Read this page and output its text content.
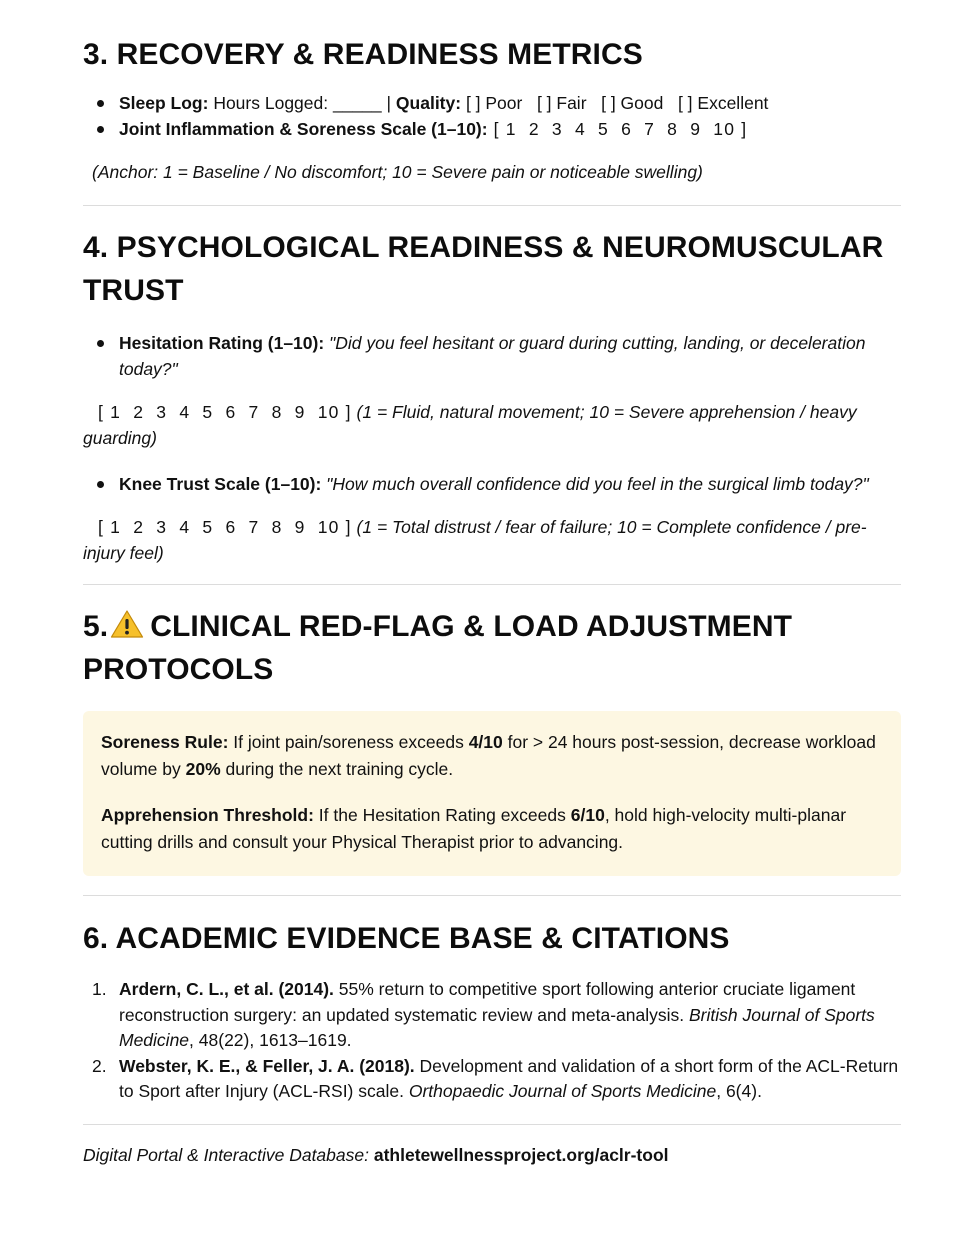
3. RECOVERY & READINESS METRICS
Sleep Log: Hours Logged: _____ | Quality: [ ] Poor   [ ] Fair   [ ] Good   [ ] Excellent
Joint Inflammation & Soreness Scale (1–10): [ 1  2  3  4  5  6  7  8  9  10 ]
(Anchor: 1 = Baseline / No discomfort; 10 = Severe pain or noticeable swelling)
4. PSYCHOLOGICAL READINESS & NEUROMUSCULAR
TRUST
Hesitation Rating (1–10): "Did you feel hesitant or guard during cutting, landing, or deceleration today?"
[ 1  2  3  4  5  6  7  8  9  10 ] (1 = Fluid, natural movement; 10 = Severe apprehension / heavy guarding)
Knee Trust Scale (1–10): "How much overall confidence did you feel in the surgical limb today?"
[ 1  2  3  4  5  6  7  8  9  10 ] (1 = Total distrust / fear of failure; 10 = Complete confidence / pre-injury feel)
5. CLINICAL RED-FLAG & LOAD ADJUSTMENT
PROTOCOLS
Soreness Rule: If joint pain/soreness exceeds 4/10 for > 24 hours post-session, decrease workload volume by 20% during the next training cycle.
Apprehension Threshold: If the Hesitation Rating exceeds 6/10, hold high-velocity multi-planar cutting drills and consult your Physical Therapist prior to advancing.
6. ACADEMIC EVIDENCE BASE & CITATIONS
1. Ardern, C. L., et al. (2014). 55% return to competitive sport following anterior cruciate ligament reconstruction surgery: an updated systematic review and meta-analysis. British Journal of Sports Medicine, 48(22), 1613–1619.
2. Webster, K. E., & Feller, J. A. (2018). Development and validation of a short form of the ACL-Return to Sport after Injury (ACL-RSI) scale. Orthopaedic Journal of Sports Medicine, 6(4).
Digital Portal & Interactive Database: athletewellnessproject.org/aclr-tool
